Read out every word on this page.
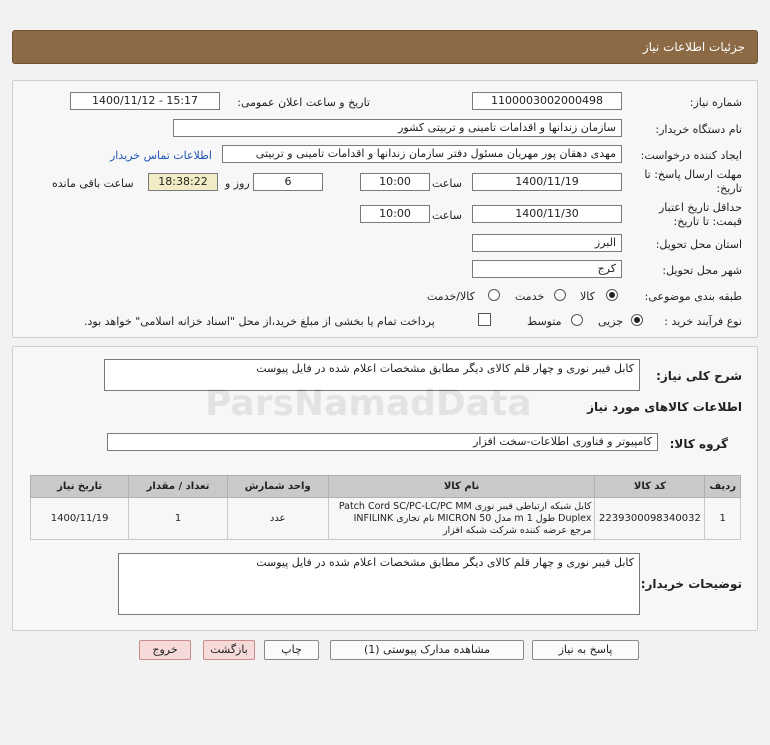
جزئیات اطلاعات نیاز
شماره نیاز:
1100003002000498
تاریخ و ساعت اعلان عمومی:
1400/11/12 - 15:17
نام دستگاه خریدار:
سازمان زندانها و اقدامات تامینی و تربیتی کشور
ایجاد کننده درخواست:
مهدی دهقان پور مهریان مسئول دفتر سازمان زندانها و اقدامات تامینی و تربیتی
اطلاعات تماس خریدار
مهلت ارسال پاسخ: تا
تاریخ:
1400/11/19
ساعت
10:00
6
روز و
18:38:22
ساعت باقی مانده
حداقل تاریخ اعتبار
قیمت: تا تاریخ:
1400/11/30
ساعت
10:00
استان محل تحویل:
البرز
شهر محل تحویل:
کرج
طبقه بندی موضوعی:
کالا
خدمت
کالا/خدمت
نوع فرآیند خرید :
جزیی
متوسط
پرداخت تمام یا بخشی از مبلغ خرید،از محل "اسناد خزانه اسلامی" خواهد بود.
شرح کلی نیاز:
کابل فیبر نوری و چهار قلم کالای دیگر مطابق مشخصات اعلام شده در فایل پیوست
اطلاعات کالاهای مورد نیاز
گروه کالا:
کامپیوتر و فناوری اطلاعات-سخت افزار
ردیف	کد کالا	نام کالا	واحد شمارش	تعداد / مقدار	تاریخ نیاز
1	2239300098340032	کابل شبکه ارتباطی فیبر نوری Patch Cord SC/PC-LC/PC MM
Duplex طول 1 m مدل MICRON 50 نام تجاری INFILINK
مرجع عرضه کننده شرکت شبکه افزار	عدد	1	1400/11/19
توضیحات خریدار:
کابل فیبر نوری و چهار قلم کالای دیگر مطابق مشخصات اعلام شده در فایل پیوست
پاسخ به نیاز
مشاهده مدارک پیوستی (1)
چاپ
بازگشت
خروج
